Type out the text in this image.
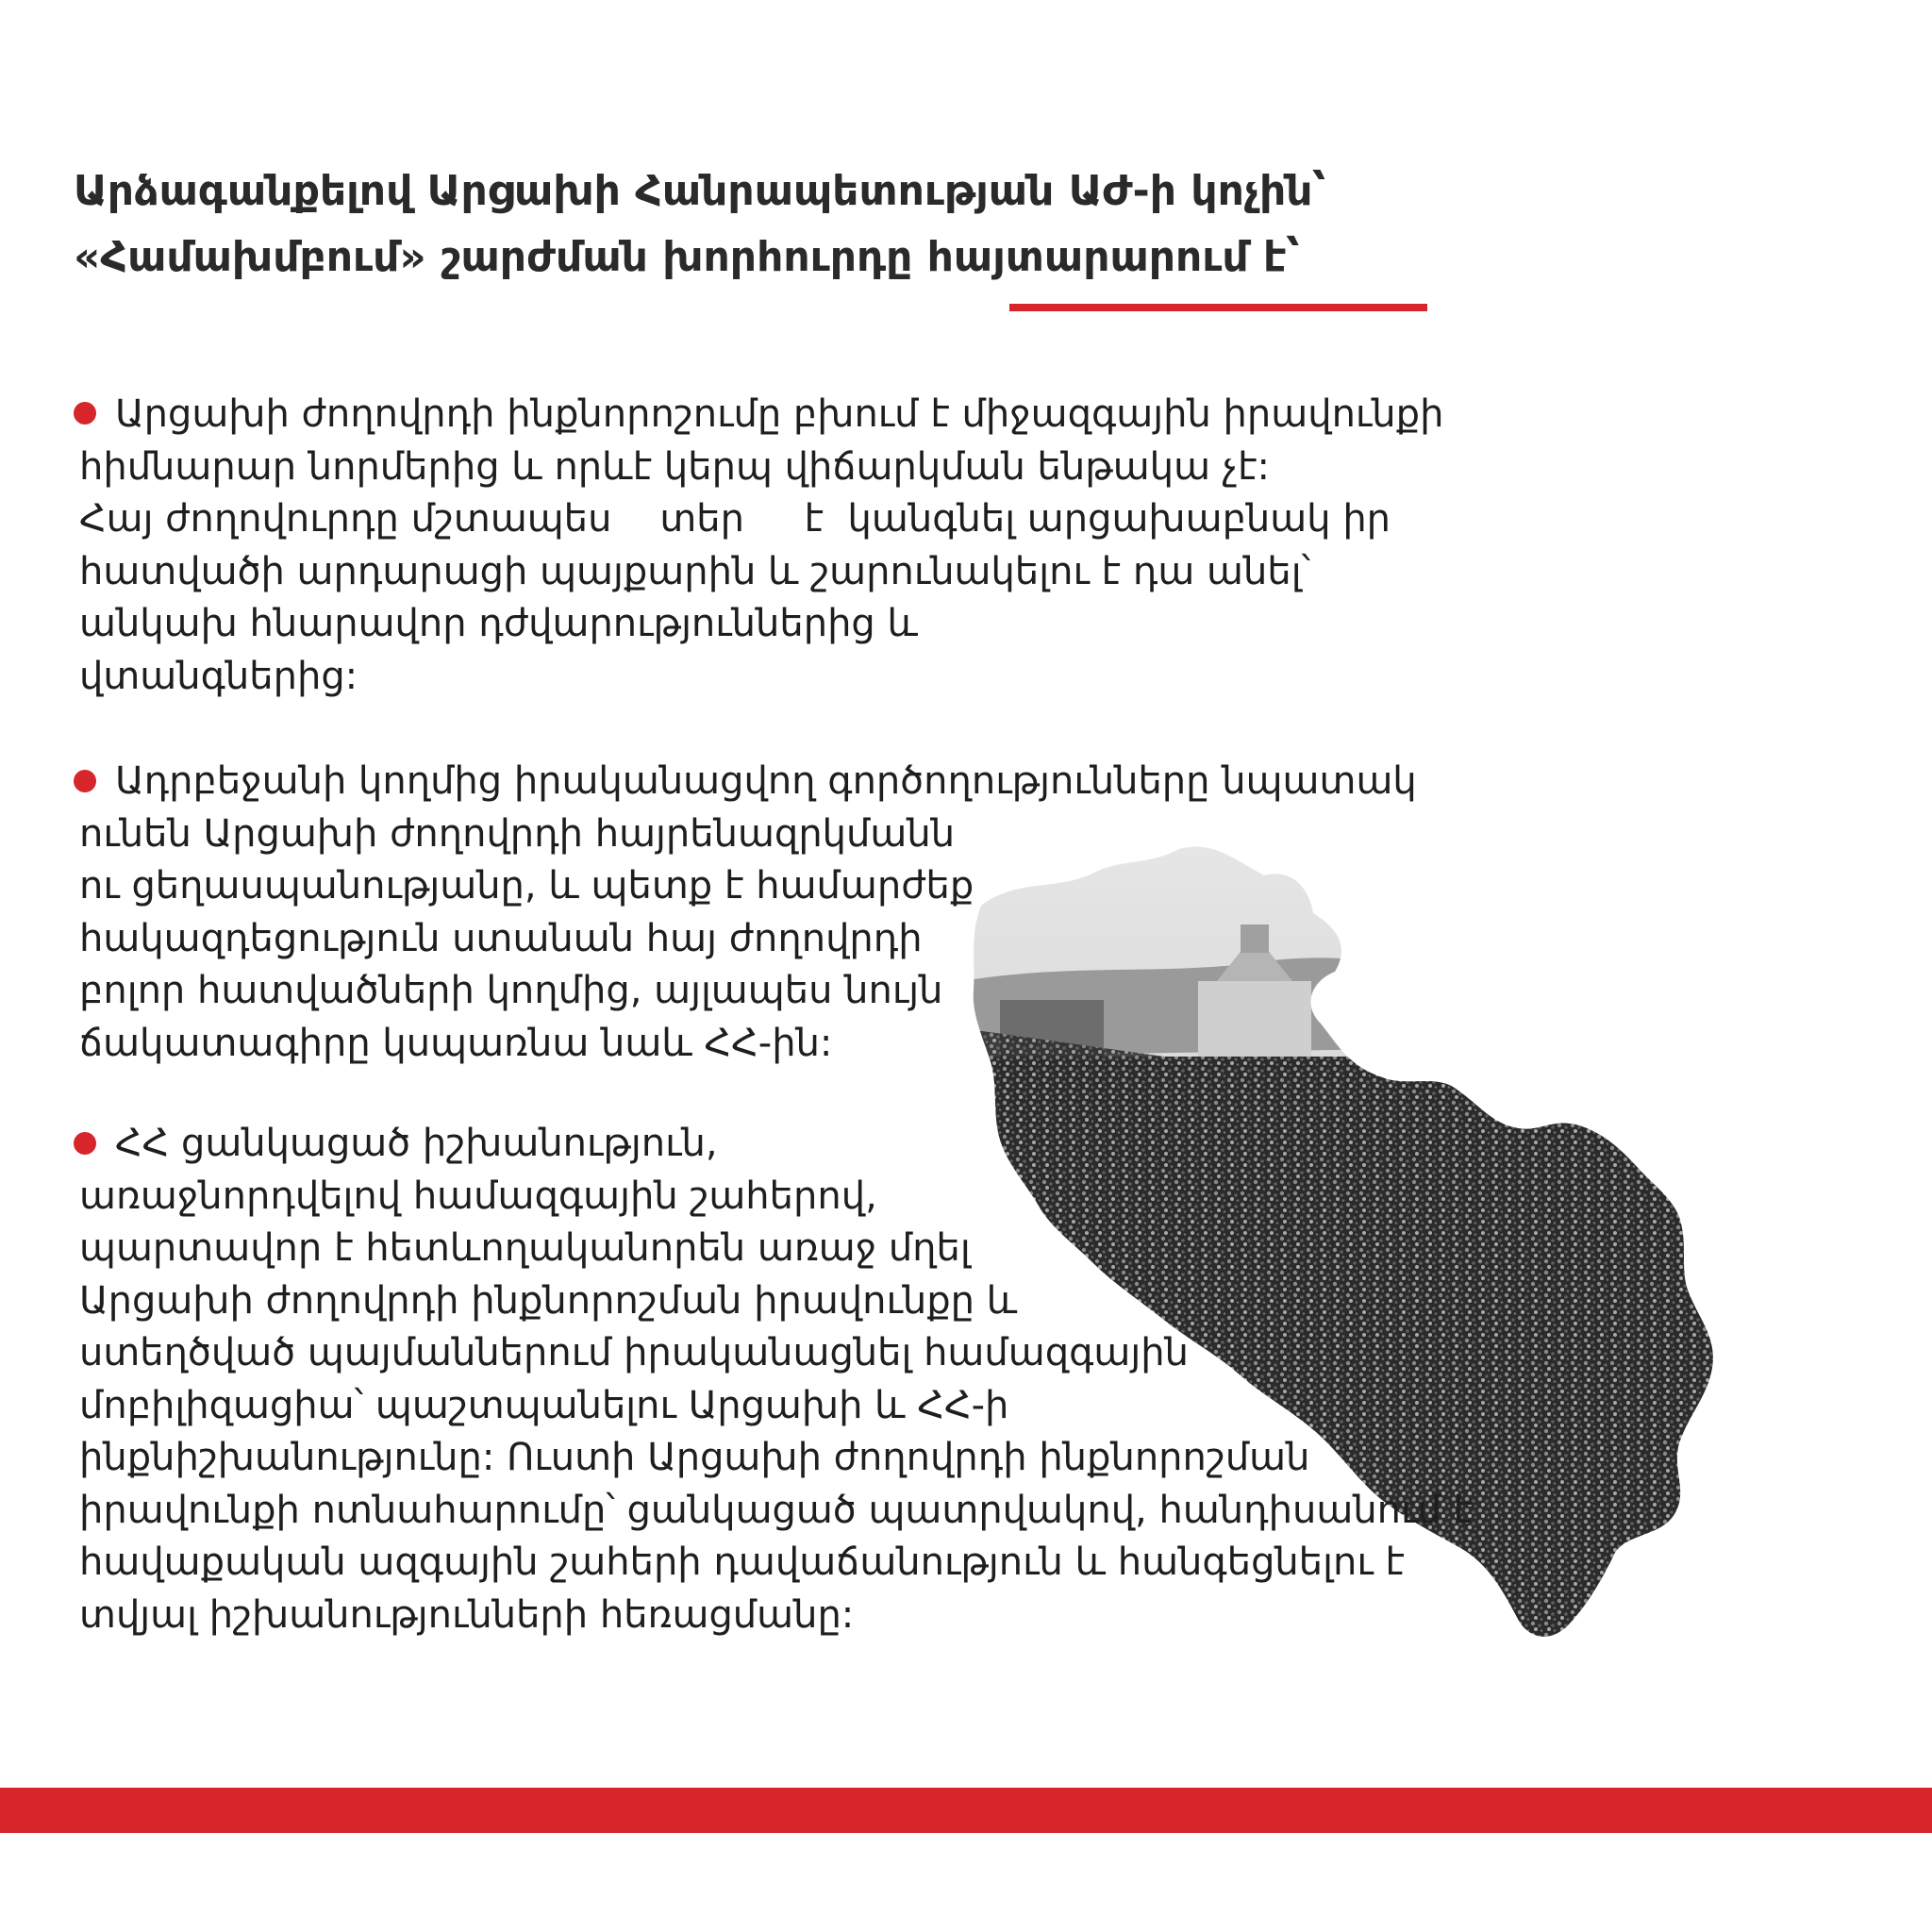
Արձագանքելով Արցախի Հանրապետության ԱԺ-ի կոչին՝
«Համախմբում» շարժման խորհուրդը հայտարարում է՝
Արցախի ժողովրդի ինքնորոշումը բխում է միջազգային իրավունքի
հիմնարար նորմերից և որևէ կերպ վիճարկման ենթակա չէ:
Հայ ժողովուրդը մշտապես    տեր     է  կանգնել արցախաբնակ իր
հատվածի արդարացի պայքարին և շարունակելու է դա անել՝
անկախ հնարավոր դժվարություններից և
վտանգներից:
Ադրբեջանի կողմից իրականացվող գործողությունները նպատակ
ունեն Արցախի ժողովրդի հայրենազրկմանն
ու ցեղասպանությանը, և պետք է համարժեք
հակազդեցություն ստանան հայ ժողովրդի
բոլոր հատվածների կողմից, այլապես նույն
ճակատագիրը կսպառնա նաև ՀՀ-ին:
ՀՀ ցանկացած իշխանություն,
առաջնորդվելով համազգային շահերով,
պարտավոր է հետևողականորեն առաջ մղել
Արցախի ժողովրդի ինքնորոշման իրավունքը և
ստեղծված պայմաններում իրականացնել համազգային
մոբիլիզացիա՝ պաշտպանելու Արցախի և ՀՀ-ի
ինքնիշխանությունը: Ուստի Արցախի ժողովրդի ինքնորոշման
իրավունքի ոտնահարումը՝ ցանկացած պատրվակով, հանդիսանում է
հավաքական ազգային շահերի դավաճանություն և հանգեցնելու է
տվյալ իշխանությունների հեռացմանը:
